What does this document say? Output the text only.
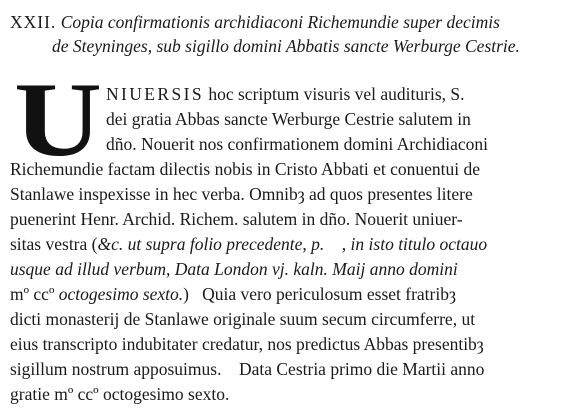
XXII. Copia confirmationis archidiaconi Richemundie super decimis
de Steyninges, sub sigillo domini Abbatis sancte Werburge Cestrie.
U NIUERSIS hoc scriptum visuris vel audituris, S.
dei gratia Abbas sancte Werburge Cestrie salutem in
dño. Nouerit nos confirmationem domini Archidiaconi
Richemundie factam dilectis nobis in Cristo Abbati et conuentui de
Stanlawe inspexisse in hec verba. Omnibȝ ad quos presentes litere
puenerint Henr. Archid. Richem. salutem in dño. Nouerit uniuer-
sitas vestra (&c. ut supra folio precedente, p.    , in isto titulo octauo
usque ad illud verbum, Data London vj. kaln. Maij anno domini
mº ccº octogesimo sexto.)   Quia vero periculosum esset fratribȝ
dicti monasterij de Stanlawe originale suum secum circumferre, ut
eius transcripto indubitater credatur, nos predictus Abbas presentibȝ
sigillum nostrum apposuimus.    Data Cestria primo die Martii anno
gratie mº ccº octogesimo sexto.
